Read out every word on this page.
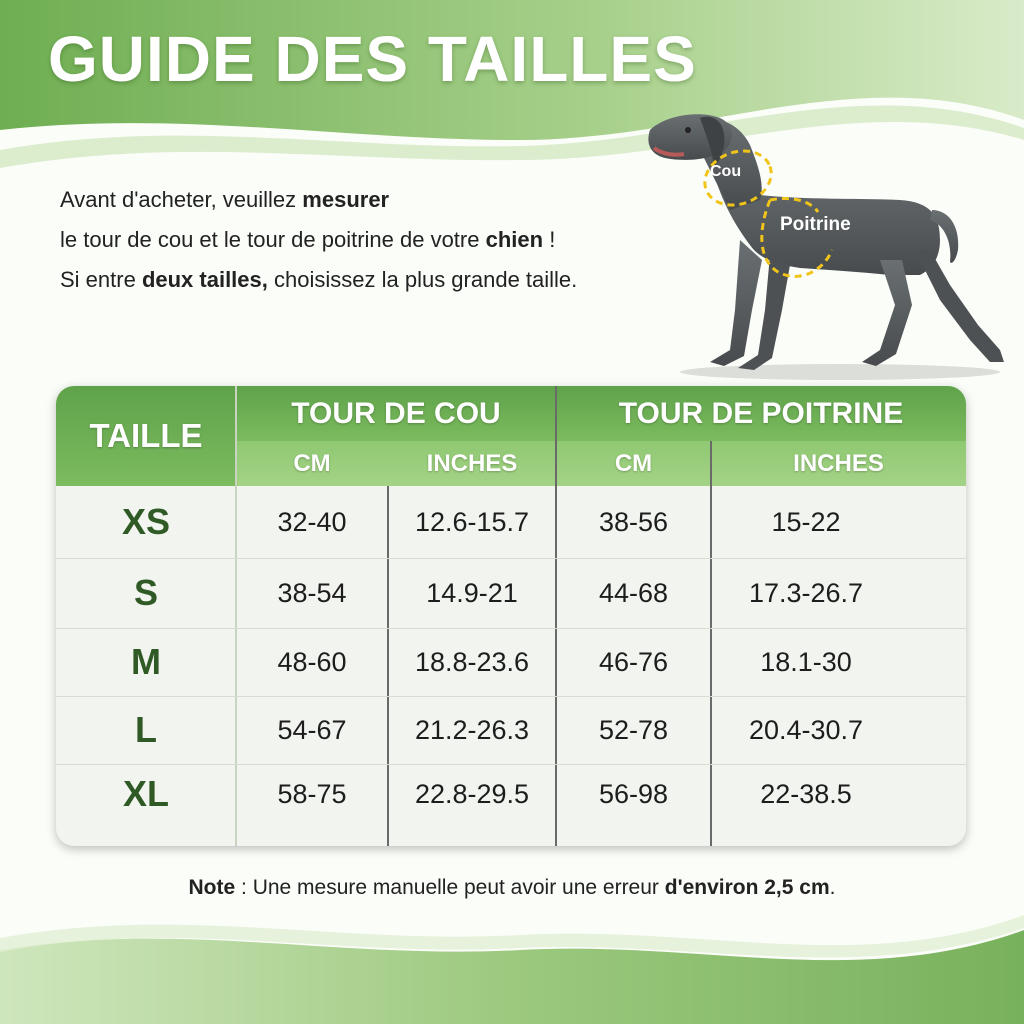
GUIDE DES TAILLES
Avant d'acheter, veuillez mesurer
le tour de cou et le tour de poitrine de votre chien !
Si entre deux tailles, choisissez la plus grande taille.
Cou
Poitrine
TAILLE
TOUR DE COU	TOUR DE POITRINE
CM	INCHES	CM	INCHES
XS	32-40	12.6-15.7	38-56	15-22
S	38-54	14.9-21	44-68	17.3-26.7
M	48-60	18.8-23.6	46-76	18.1-30
L	54-67	21.2-26.3	52-78	20.4-30.7
XL	58-75	22.8-29.5	56-98	22-38.5
Note : Une mesure manuelle peut avoir une erreur d'environ 2,5 cm.
